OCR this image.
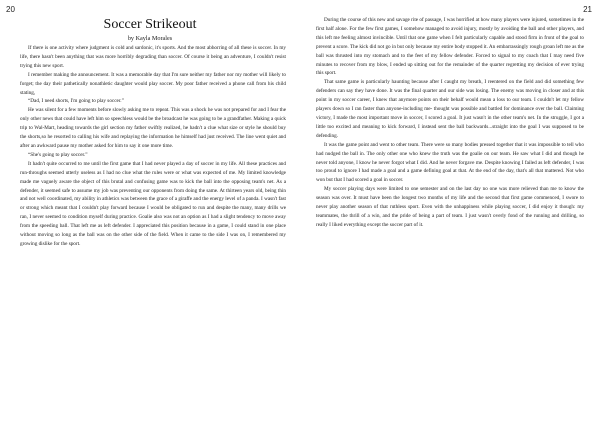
20
Soccer Strikeout
by Kayla Morales

If there is one activity where judgment is cold and sardonic, it's sports. And the most abhorring of all these is soccer. In my life, there hasn't been anything that was more horribly degrading than soccer. Of course it being an adventure, I couldn't resist trying this new sport.

I remember making the announcement. It was a memorable day that I'm sure neither my father nor my mother will likely to forget; the day their pathetically nonathletic daughter would play soccer. My poor father received a phone call from his child stating,

“Dad, I need shorts, I'm going to play soccer.”

He was silent for a few moments before slowly asking me to repeat. This was a shock he was not prepared for and I fear the only other news that could have left him so speechless would be the broadcast he was going to be a grandfather. Making a quick trip to Wal-Mart, heading towards the girl section my father swiftly realized, he hadn't a clue what size or style he should buy the shorts,so he resorted to calling his wife and replaying the information he himself had just received. The line went quiet and after an awkward pause my mother asked for him to say it one more time.

“She's going to play soccer.”

It hadn't quite occurred to me until the first game that I had never played a day of soccer in my life. All these practices and run-throughs seemed utterly useless as I had no clue what the rules were or what was expected of me. My limited knowledge made me vaguely aware the object of this brutal and confusing game was to kick the ball into the opposing team's net. As a defender, it seemed safe to assume my job was preventing our opponents from doing the same. At thirteen years old, being thin and not well coordinated, my ability in athletics was between the grace of a giraffe and the energy level of a panda. I wasn't fast or strong which meant that I couldn't play forward because I would be obligated to run and despite the many, many drills we ran, I never seemed to condition myself during practice. Goalie also was not an option as I had a slight tendency to move away from the speeding ball. That left me as left defender. I appreciated this position because in a game, I could stand in one place without moving so long as the ball was on the other side of the field. When it came to the side I was on, I remembered my growing dislike for the sport.

21

During the course of this new and savage rite of passage, I was horrified at how many players were injured, sometimes in the first half alone. For the few first games, I somehow managed to avoid injury, mostly by avoiding the ball and other players, and this left me feeling almost invincible. Until that one game when I felt particularly capable and stood firm in front of the goal to prevent a score. The kick did not go in but only because my entire body stopped it. An embarrassingly rough groan left me as the ball was thrusted into my stomach and to the feet of my fellow defender. Forced to signal to my coach that I may need five minutes to recover from my blow, I ended up sitting out for the remainder of the quarter regretting my decision of ever trying this sport.

That same game is particularly haunting because after I caught my breath, I reentered on the field and did something few defenders can say they have done. It was the final quarter and our side was losing. The enemy was moving in closer and at this point in my soccer career, I knew that anymore points on their behalf would mean a loss to our team. I couldn't let my fellow players down so I ran faster than anyone-including me- thought was possible and battled for dominance over the ball. Claiming victory, I made the most important move in soccer, I scored a goal. It just wasn't in the other team's net. In the struggle, I got a little too excited and meaning to kick forward, I instead sent the ball backwards...straight into the goal I was supposed to be defending.

It was the game point and went to other team. There were so many bodies pressed together that it was impossible to tell who had nudged the ball in. The only other one who knew the truth was the goalie on our team. He saw what I did and though he never told anyone, I know he never forgot what I did. And he never forgave me. Despite knowing I failed as left defender, I was too proud to ignore I had made a goal and a game defining goal at that. At the end of the day, that's all that mattered. Not who won but that I had scored a goal in soccer.

My soccer playing days were limited to one semester and on the last day no one was more relieved than me to know the season was over. It must have been the longest two months of my life and the second that first game commenced, I swore to never play another season of that ruthless sport. Even with the unhappiness while playing soccer, I did enjoy it though: my teammates, the thrill of a win, and the pride of being a part of team. I just wasn't overly fond of the running and drilling, so really I liked everything except the soccer part of it.
